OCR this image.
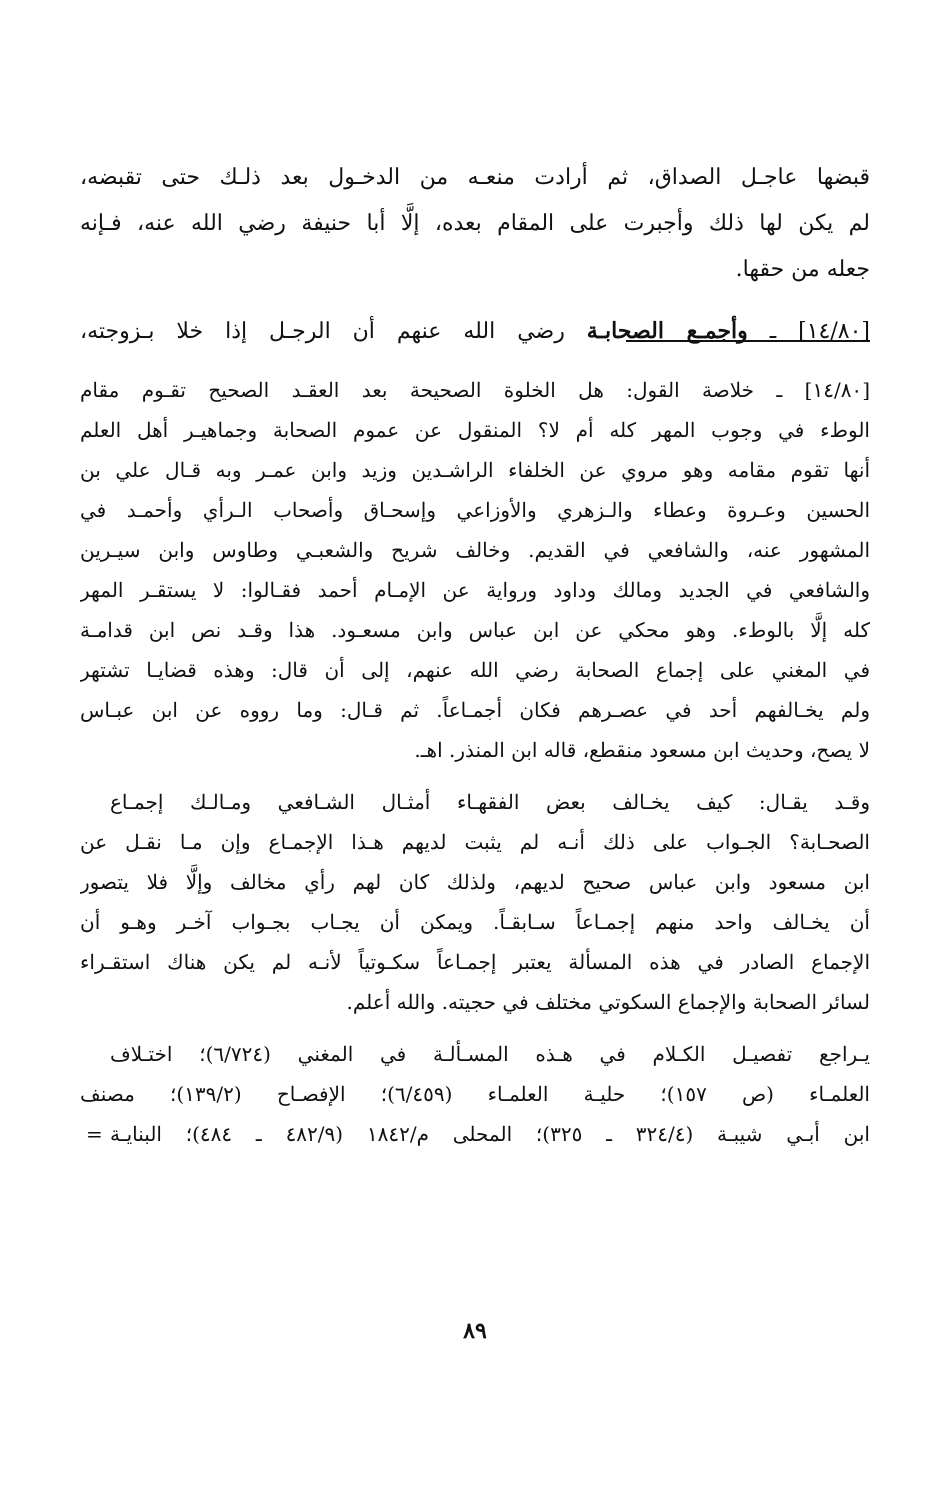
قبضها عاجـل الصداق، ثم أرادت منعـه من الدخـول بعد ذلـك حتى تقبضه،
لم يكن لها ذلك وأجبرت على المقام بعده، إلَّا أبا حنيفة رضي الله عنه، فـإنه
جعله من حقها.
[١٤/٨٠] ـ وأجمـع الصحابـة رضي الله عنهم أن الرجـل إذا خلا بـزوجته،
[١٤/٨٠] ـ خلاصة القول: هل الخلوة الصحيحة بعد العقـد الصحيح تقـوم مقام
الوطء في وجوب المهر كله أم لا؟ المنقول عن عموم الصحابة وجماهيـر أهل العلم
أنها تقوم مقامه وهو مروي عن الخلفاء الراشـدين وزيد وابن عمـر وبه قـال علي بن
الحسين وعـروة وعطاء والـزهري والأوزاعي وإسحـاق وأصحاب الـرأي وأحمـد في
المشهور عنه، والشافعي في القديم. وخالف شريح والشعبـي وطاوس وابن سيـرين
والشافعي في الجديد ومالك وداود ورواية عن الإمـام أحمد فقـالوا: لا يستقـر المهر
كله إلَّا بالوطء. وهو محكي عن ابن عباس وابن مسعـود. هذا وقـد نص ابن قدامـة
في المغني على إجماع الصحابة رضي الله عنهم، إلى أن قال: وهذه قضايـا تشتهر
ولم يخـالفهم أحد في عصـرهم فكان أجمـاعاً. ثم قـال: وما رووه عن ابن عبـاس
لا يصح، وحديث ابن مسعود منقطع، قاله ابن المنذر. اهـ.
وقـد يقـال: كيف يخـالف بعض الفقهـاء أمثـال الشـافعي ومـالـك إجمـاع
الصحـابة؟ الجـواب على ذلك أنـه لم يثبت لديهم هـذا الإجمـاع وإن مـا نقـل عن
ابن مسعود وابن عباس صحيح لديهم، ولذلك كان لهم رأي مخالف وإلَّا فلا يتصور
أن يخـالف واحد منهم إجمـاعاً سـابقـاً. ويمكن أن يجـاب بجـواب آخـر وهـو أن
الإجماع الصادر في هذه المسألة يعتبر إجمـاعاً سكـوتياً لأنـه لم يكن هناك استقـراء
لسائر الصحابة والإجماع السكوتي مختلف في حجيته. والله أعلم.
يـراجع تفصيـل الكـلام في هـذه المسـألـة في المغني (٦/٧٢٤)؛ اختـلاف
العلمـاء (ص ١٥٧)؛ حليـة العلمـاء (٦/٤٥٩)؛ الإفصـاح (١٣٩/٢)؛ مصنف
ابن أبـي شيبـة (٣٢٤/٤ ـ ٣٢٥)؛ المحلى م/١٨٤٢ (٤٨٢/٩ ـ ٤٨٤)؛ البنايـة
=
٨٩
